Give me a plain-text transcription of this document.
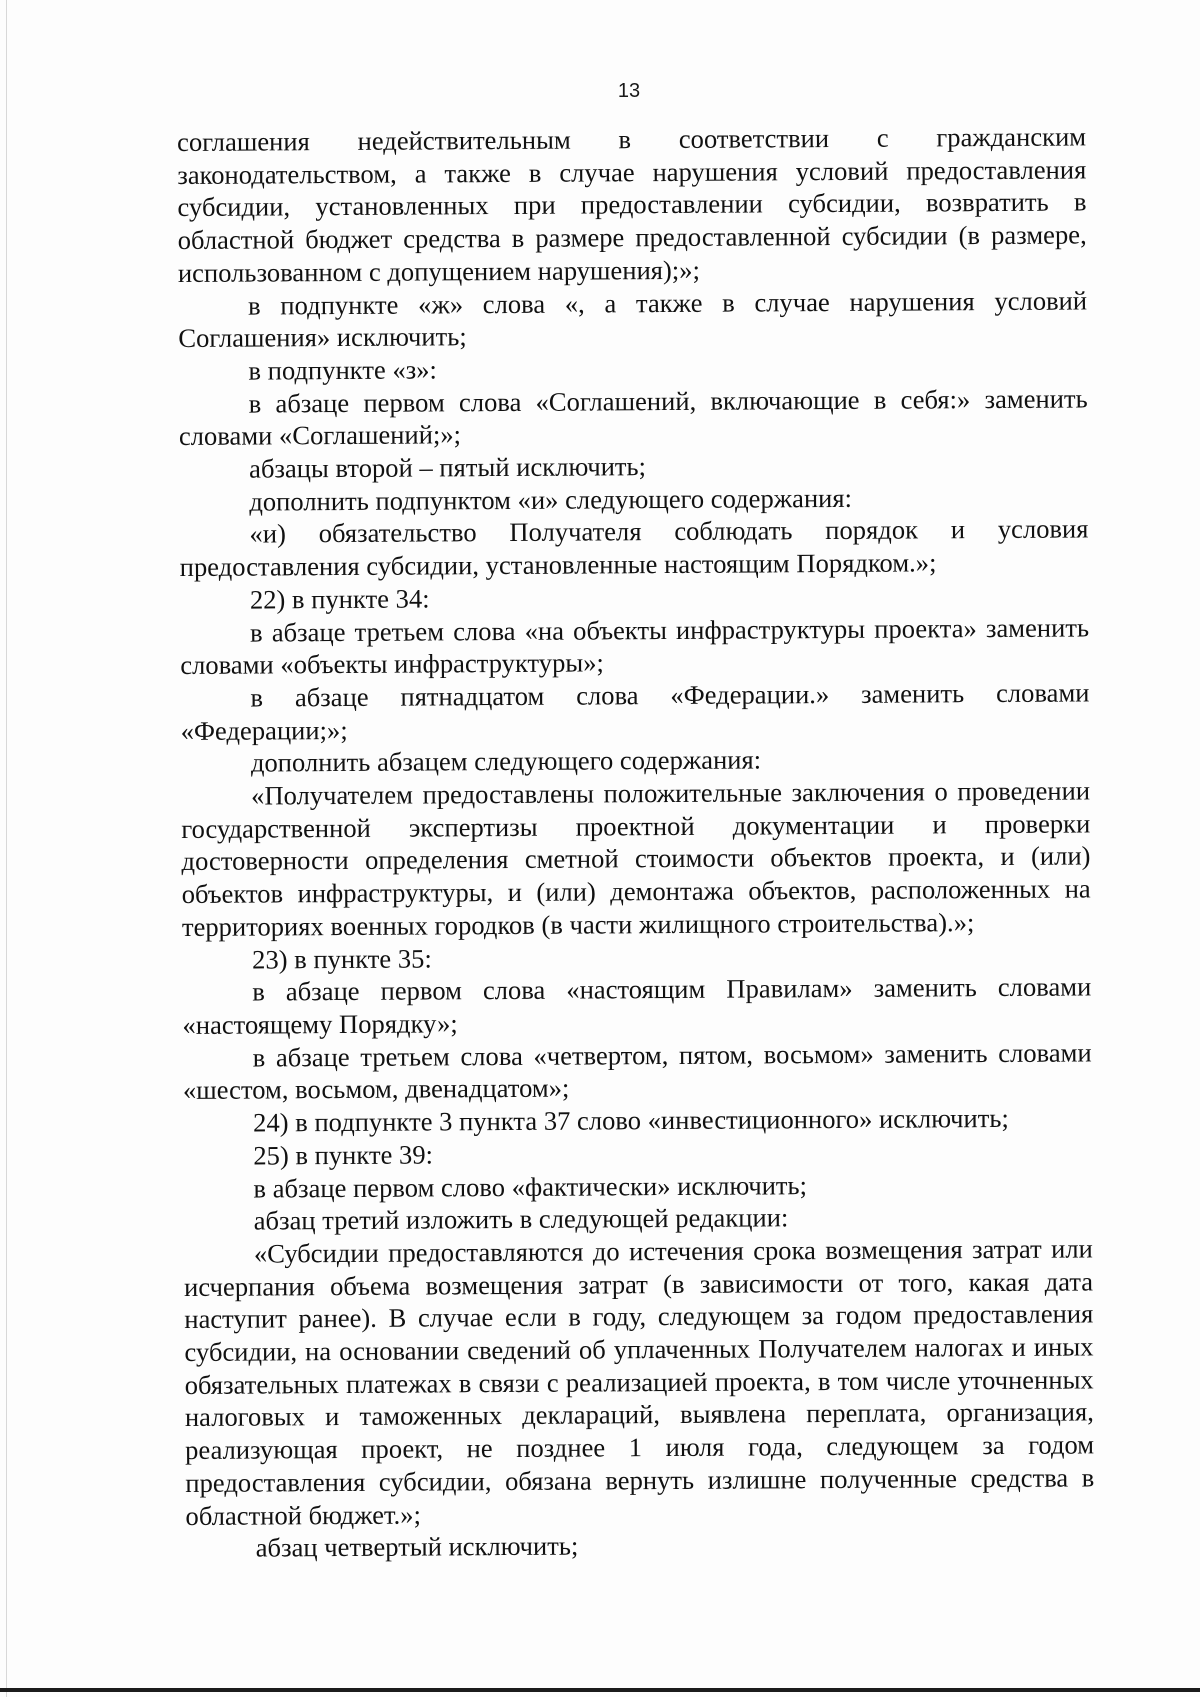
13

соглашения недействительным в соответствии с гражданским законодательством, а также в случае нарушения условий предоставления субсидии, установленных при предоставлении субсидии, возвратить в областной бюджет средства в размере предоставленной субсидии (в размере, использованном с допущением нарушения);»;

в подпункте «ж» слова «, а также в случае нарушения условий Соглашения» исключить;

в подпункте «з»:

в абзаце первом слова «Соглашений, включающие в себя:» заменить словами «Соглашений;»;

абзацы второй – пятый исключить;

дополнить подпунктом «и» следующего содержания:

«и) обязательство Получателя соблюдать порядок и условия предоставления субсидии, установленные настоящим Порядком.»;

22) в пункте 34:

в абзаце третьем слова «на объекты инфраструктуры проекта» заменить словами «объекты инфраструктуры»;

в абзаце пятнадцатом слова «Федерации.» заменить словами «Федерации;»;

дополнить абзацем следующего содержания:

«Получателем предоставлены положительные заключения о проведении государственной экспертизы проектной документации и проверки достоверности определения сметной стоимости объектов проекта, и (или) объектов инфраструктуры, и (или) демонтажа объектов, расположенных на территориях военных городков (в части жилищного строительства).»;

23) в пункте 35:

в абзаце первом слова «настоящим Правилам» заменить словами «настоящему Порядку»;

в абзаце третьем слова «четвертом, пятом, восьмом» заменить словами «шестом, восьмом, двенадцатом»;

24) в подпункте 3 пункта 37 слово «инвестиционного» исключить;

25) в пункте 39:

в абзаце первом слово «фактически» исключить;

абзац третий изложить в следующей редакции:

«Субсидии предоставляются до истечения срока возмещения затрат или исчерпания объема возмещения затрат (в зависимости от того, какая дата наступит ранее). В случае если в году, следующем за годом предоставления субсидии, на основании сведений об уплаченных Получателем налогах и иных обязательных платежах в связи с реализацией проекта, в том числе уточненных налоговых и таможенных деклараций, выявлена переплата, организация, реализующая проект, не позднее 1 июля года, следующем за годом предоставления субсидии, обязана вернуть излишне полученные средства в областной бюджет.»;

абзац четвертый исключить;
